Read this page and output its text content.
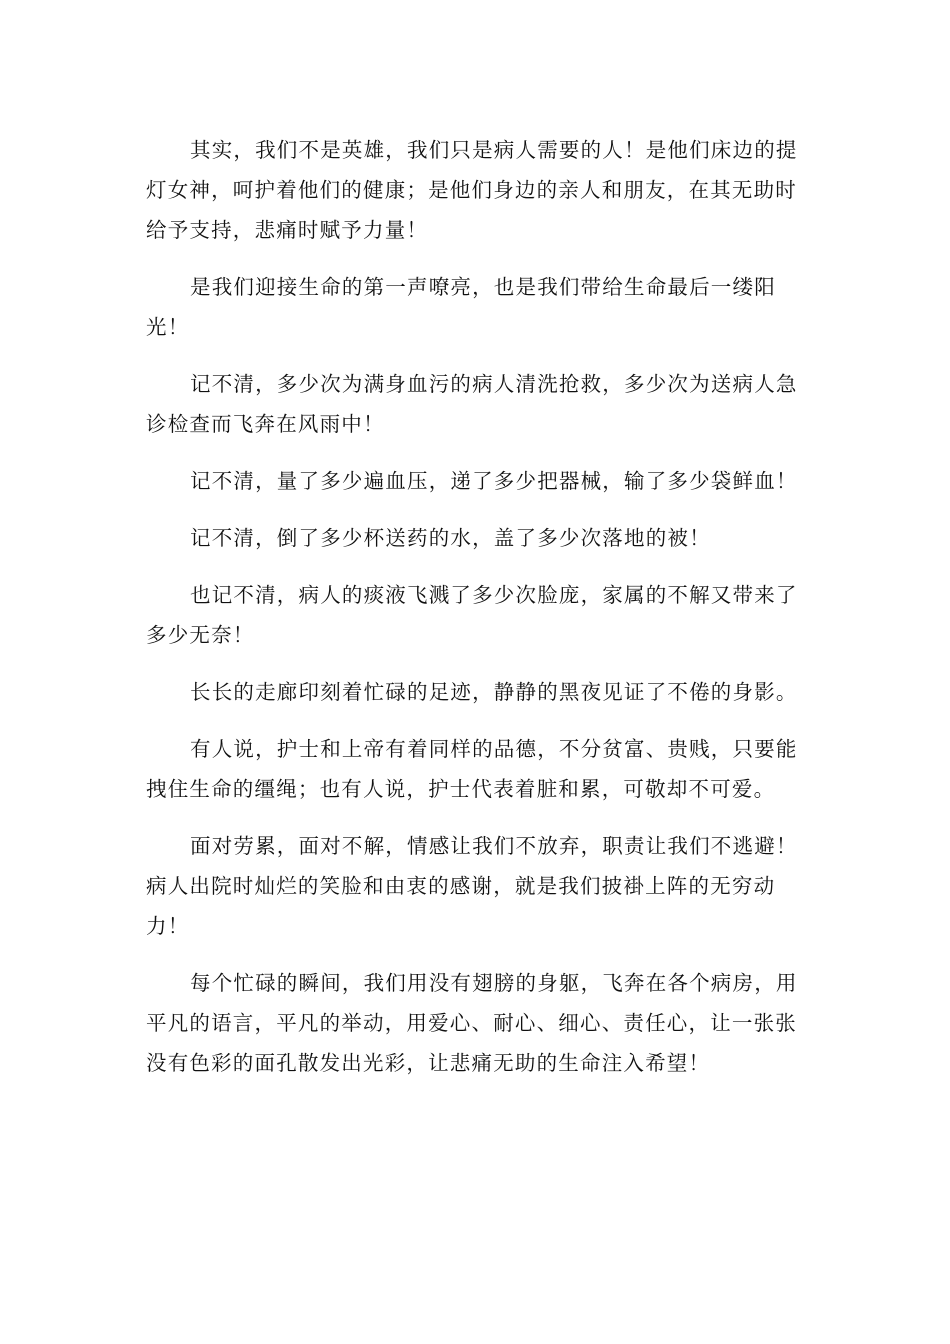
其实，我们不是英雄，我们只是病人需要的人！是他们床边的提灯女神，呵护着他们的健康；是他们身边的亲人和朋友，在其无助时给予支持，悲痛时赋予力量！

是我们迎接生命的第一声嘹亮，也是我们带给生命最后一缕阳光！

记不清，多少次为满身血污的病人清洗抢救，多少次为送病人急诊检查而飞奔在风雨中！

记不清，量了多少遍血压，递了多少把器械，输了多少袋鲜血！

记不清，倒了多少杯送药的水，盖了多少次落地的被！

也记不清，病人的痰液飞溅了多少次脸庞，家属的不解又带来了多少无奈！

长长的走廊印刻着忙碌的足迹，静静的黑夜见证了不倦的身影。

有人说，护士和上帝有着同样的品德，不分贫富、贵贱，只要能拽住生命的缰绳；也有人说，护士代表着脏和累，可敬却不可爱。

面对劳累，面对不解，情感让我们不放弃，职责让我们不逃避！病人出院时灿烂的笑脸和由衷的感谢，就是我们披褂上阵的无穷动力！

每个忙碌的瞬间，我们用没有翅膀的身躯，飞奔在各个病房，用平凡的语言，平凡的举动，用爱心、耐心、细心、责任心，让一张张没有色彩的面孔散发出光彩，让悲痛无助的生命注入希望！
